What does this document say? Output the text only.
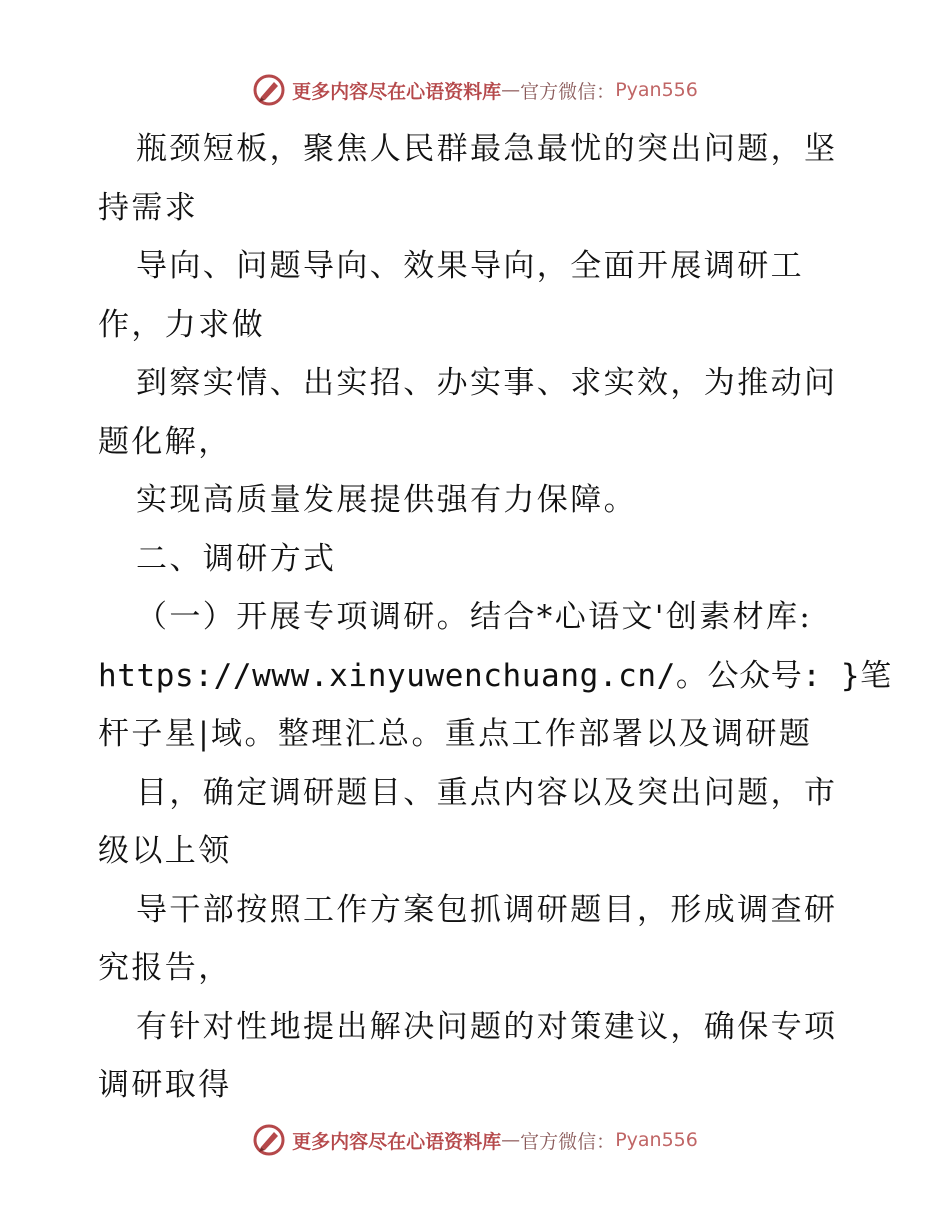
更多内容尽在心语资料库 — 官方微信： Pyan556
瓶颈短板，聚焦人民群最急最忧的突出问题，坚
持需求
导向、问题导向、效果导向，全面开展调研工
作，力求做
到察实情、出实招、办实事、求实效，为推动问
题化解，
实现高质量发展提供强有力保障。
二、调研方式
（一）开展专项调研。结合*心语文'创素材库:
https://www.xinyuwenchuang.cn/。公众号: }笔
杆子星|域。整理汇总。重点工作部署以及调研题
目，确定调研题目、重点内容以及突出问题，市
级以上领
导干部按照工作方案包抓调研题目，形成调查研
究报告，
有针对性地提出解决问题的对策建议，确保专项
调研取得
更多内容尽在心语资料库 — 官方微信： Pyan556
